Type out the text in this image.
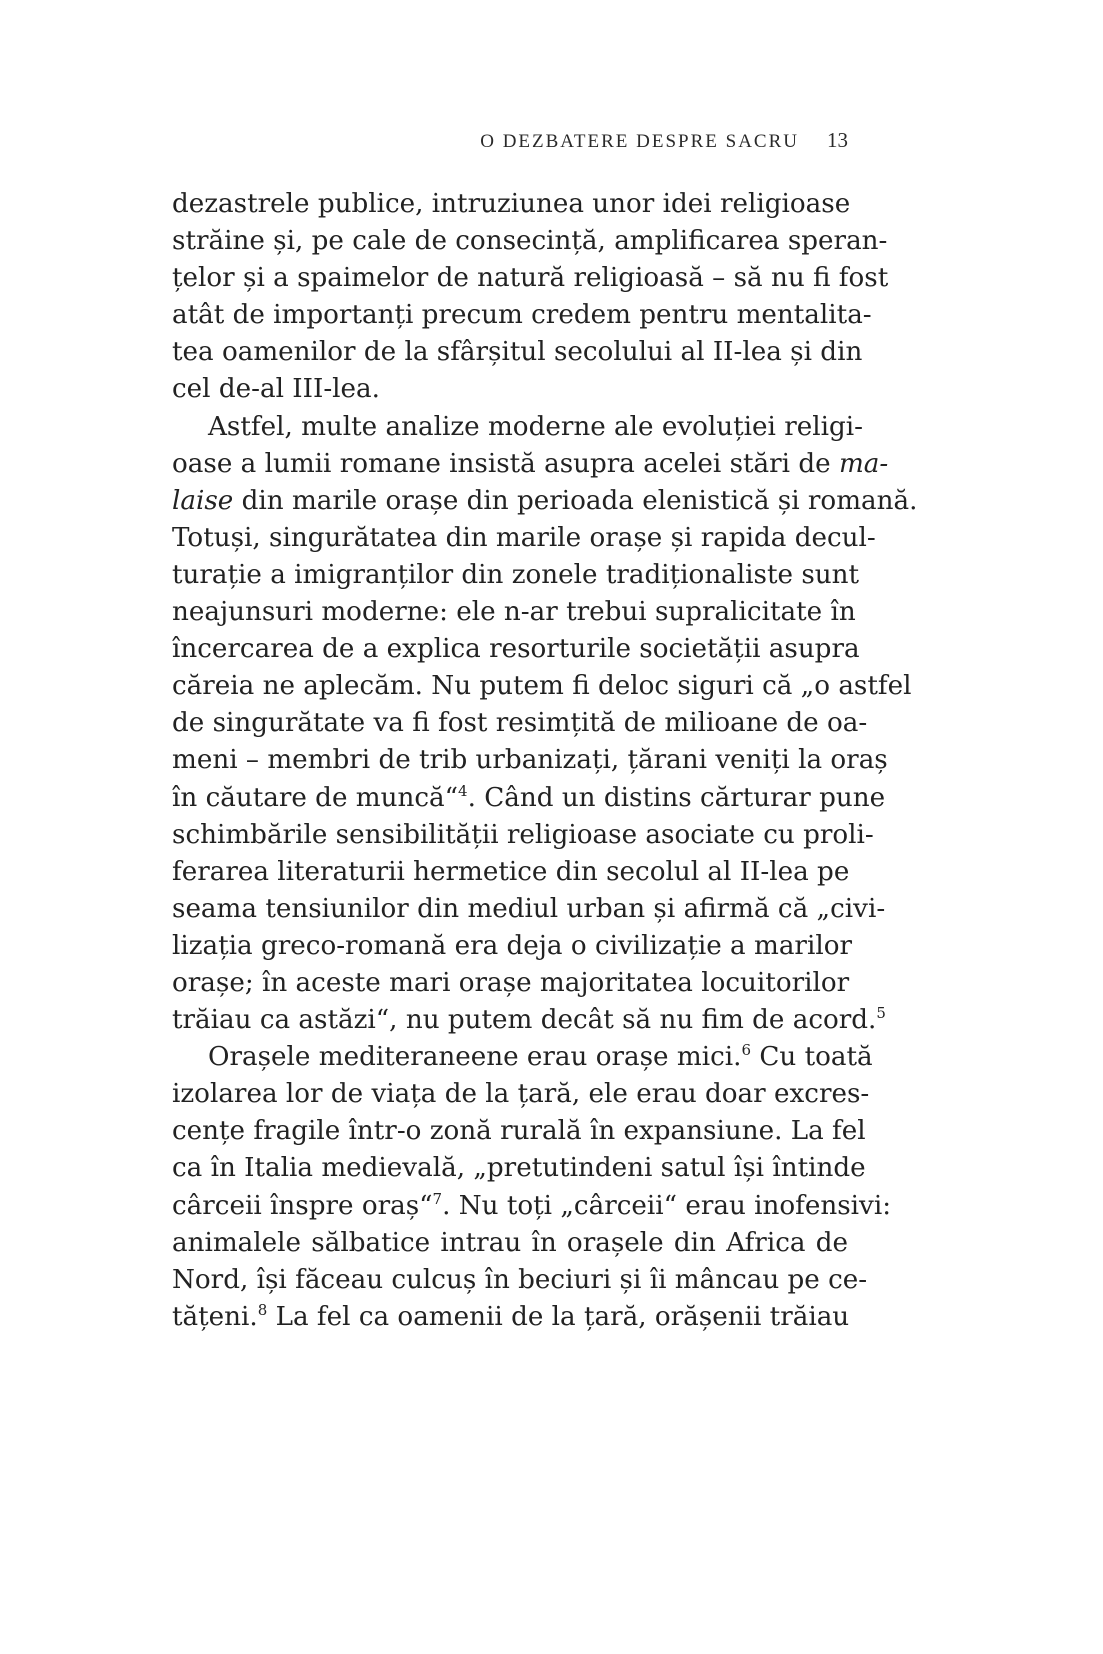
O DEZBATERE DESPRE SACRU 13
dezastrele publice, intruziunea unor idei religioase
străine și, pe cale de consecință, amplificarea speran-
țelor și a spaimelor de natură religioasă – să nu fi fost
atât de importanți precum credem pentru mentalita-
tea oamenilor de la sfârșitul secolului al II-lea și din
cel de-al III-lea.
Astfel, multe analize moderne ale evoluției religi-
oase a lumii romane insistă asupra acelei stări de ma-
laise din marile orașe din perioada elenistică și romană.
Totuși, singurătatea din marile orașe și rapida decul-
turație a imigranților din zonele tradiționaliste sunt
neajunsuri moderne: ele n-ar trebui supralicitate în
încercarea de a explica resorturile societății asupra
căreia ne aplecăm. Nu putem fi deloc siguri că „o astfel
de singurătate va fi fost resimțită de milioane de oa-
meni – membri de trib urbanizați, țărani veniți la oraș
în căutare de muncă“$^4$. Când un distins cărturar pune
schimbările sensibilității religioase asociate cu proli-
ferarea literaturii hermetice din secolul al II-lea pe
seama tensiunilor din mediul urban și afirmă că „civi-
lizația greco-romană era deja o civilizație a marilor
orașe; în aceste mari orașe majoritatea locuitorilor
trăiau ca astăzi“, nu putem decât să nu fim de acord.$^5$
Orașele mediteraneene erau orașe mici.$^6$ Cu toată
izolarea lor de viața de la țară, ele erau doar excres-
cențe fragile într-o zonă rurală în expansiune. La fel
ca în Italia medievală, „pretutindeni satul își întinde
cârceii înspre oraș“$^7$. Nu toți „cârceii“ erau inofensivi:
animalele sălbatice intrau în orașele din Africa de
Nord, își făceau culcuș în beciuri și îi mâncau pe ce-
tățeni.$^8$ La fel ca oamenii de la țară, orășenii trăiau
